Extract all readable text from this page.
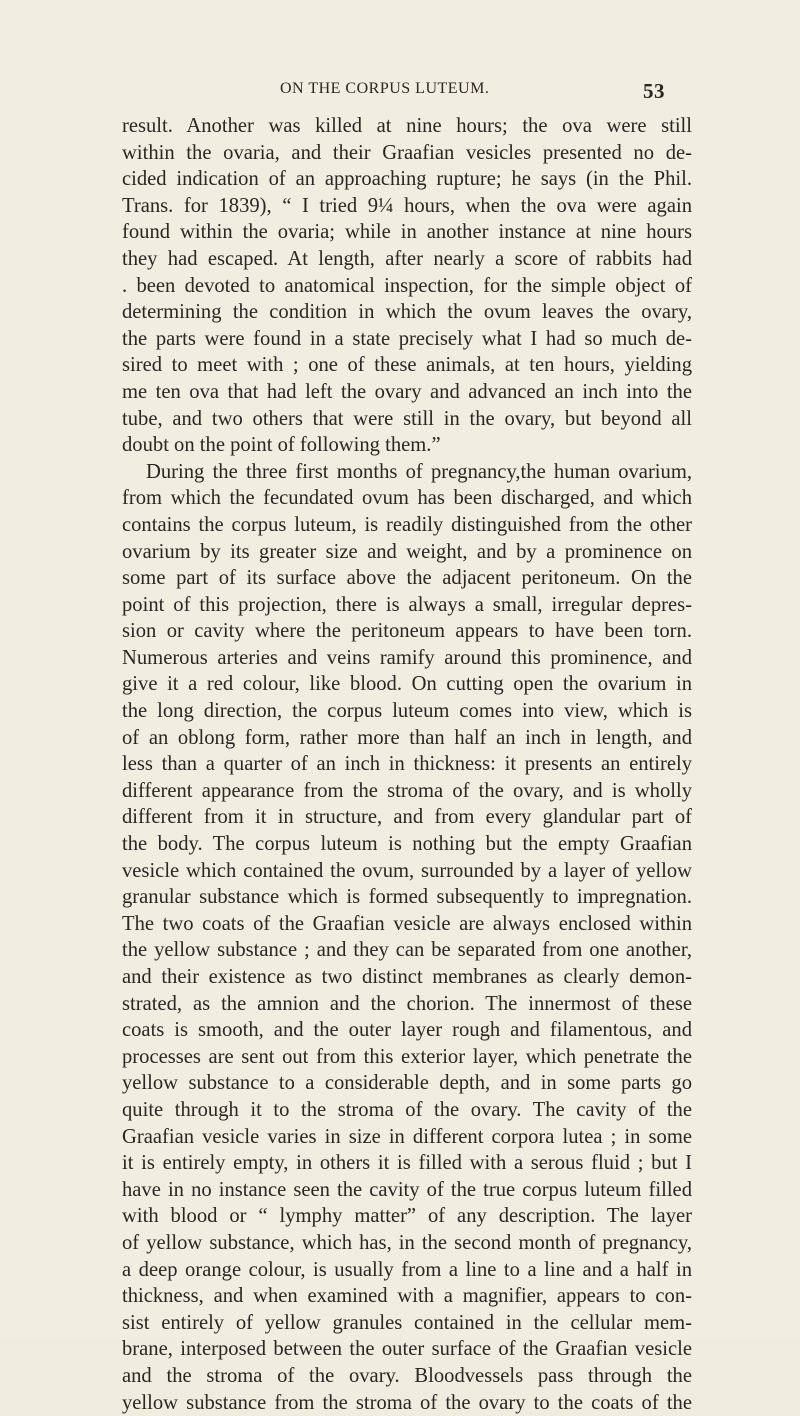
ON THE CORPUS LUTEUM.	53
result. Another was killed at nine hours; the ova were still
within the ovaria, and their Graafian vesicles presented no de-
cided indication of an approaching rupture; he says (in the Phil.
Trans. for 1839), “ I tried 9¼ hours, when the ova were again
found within the ovaria; while in another instance at nine hours
they had escaped. At length, after nearly a score of rabbits had
. been devoted to anatomical inspection, for the simple object of
determining the condition in which the ovum leaves the ovary,
the parts were found in a state precisely what I had so much de-
sired to meet with ; one of these animals, at ten hours, yielding
me ten ova that had left the ovary and advanced an inch into the
tube, and two others that were still in the ovary, but beyond all
doubt on the point of following them.”
During the three first months of pregnancy,the human ovarium,
from which the fecundated ovum has been discharged, and which
contains the corpus luteum, is readily distinguished from the other
ovarium by its greater size and weight, and by a prominence on
some part of its surface above the adjacent peritoneum. On the
point of this projection, there is always a small, irregular depres-
sion or cavity where the peritoneum appears to have been torn.
Numerous arteries and veins ramify around this prominence, and
give it a red colour, like blood. On cutting open the ovarium in
the long direction, the corpus luteum comes into view, which is
of an oblong form, rather more than half an inch in length, and
less than a quarter of an inch in thickness: it presents an entirely
different appearance from the stroma of the ovary, and is wholly
different from it in structure, and from every glandular part of
the body. The corpus luteum is nothing but the empty Graafian
vesicle which contained the ovum, surrounded by a layer of yellow
granular substance which is formed subsequently to impregnation.
The two coats of the Graafian vesicle are always enclosed within
the yellow substance ; and they can be separated from one another,
and their existence as two distinct membranes as clearly demon-
strated, as the amnion and the chorion. The innermost of these
coats is smooth, and the outer layer rough and filamentous, and
processes are sent out from this exterior layer, which penetrate the
yellow substance to a considerable depth, and in some parts go
quite through it to the stroma of the ovary. The cavity of the
Graafian vesicle varies in size in different corpora lutea ; in some
it is entirely empty, in others it is filled with a serous fluid ; but I
have in no instance seen the cavity of the true corpus luteum filled
with blood or “ lymphy matter” of any description. The layer
of yellow substance, which has, in the second month of pregnancy,
a deep orange colour, is usually from a line to a line and a half in
thickness, and when examined with a magnifier, appears to con-
sist entirely of yellow granules contained in the cellular mem-
brane, interposed between the outer surface of the Graafian vesicle
and the stroma of the ovary. Bloodvessels pass through the
yellow substance from the stroma of the ovary to the coats of the
